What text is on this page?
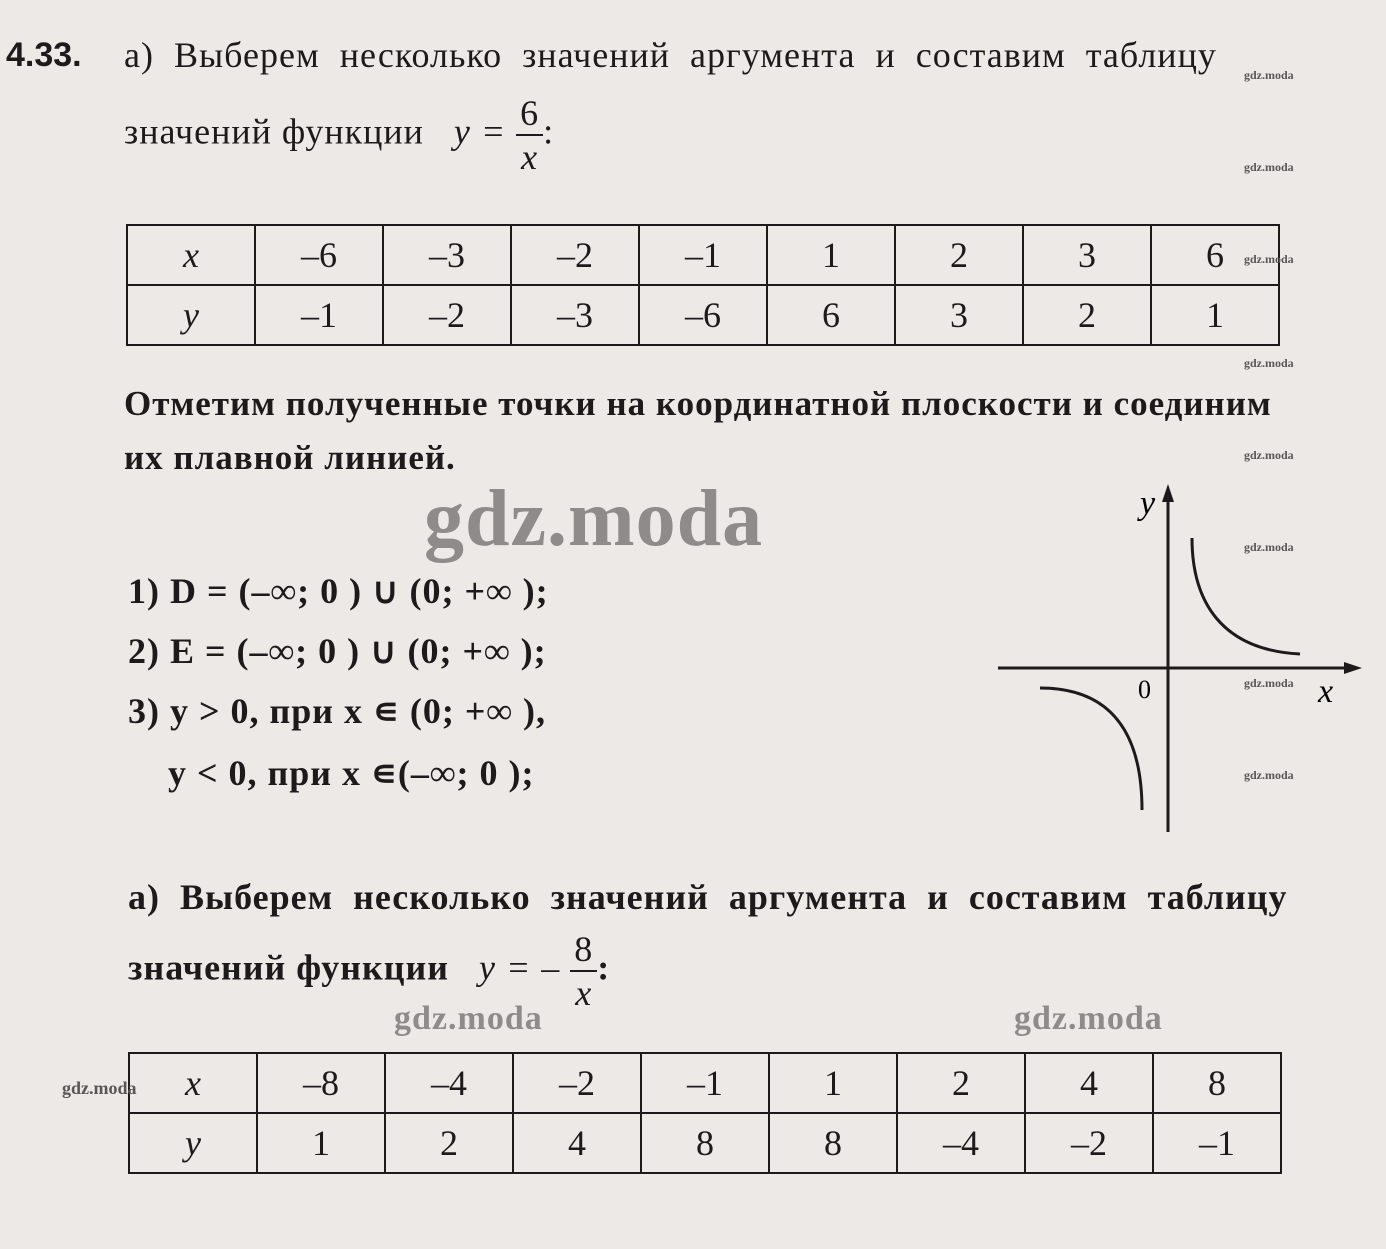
4.33. а) Выберем несколько значений аргумента и составим таблицу
значений функции $y = \frac{6}{x}$ :
x	–6	–3	–2	–1	1	2	3	6
y	–1	–2	–3	–6	6	3	2	1
Отметим полученные точки на координатной плоскости и соединим
их плавной линией.
gdz.moda
1) D = (–∞; 0 ) ∪ (0; +∞ );
2) E = (–∞; 0 ) ∪ (0; +∞ );
3) y > 0, при x ∊ (0; +∞ ),
y < 0, при x ∊(–∞; 0 );
y
x
0
а) Выберем несколько значений аргумента и составим таблицу
значений функции y = – $\frac{8}{x}$ :
gdz.moda	gdz.moda
x	–8	–4	–2	–1	1	2	4	8
y	1	2	4	8	8	–4	–2	–1
gdz.moda
gdz.moda
gdz.moda
gdz.moda
gdz.moda
gdz.moda
gdz.moda
gdz.moda
gdz.moda
